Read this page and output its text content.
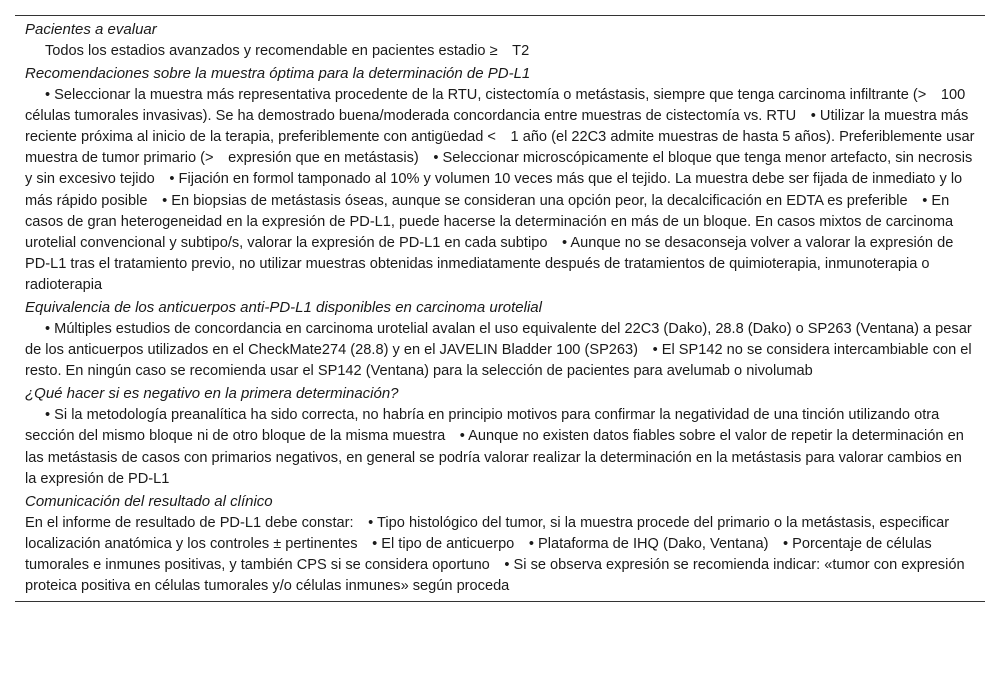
Pacientes a evaluar
Todos los estadios avanzados y recomendable en pacientes estadio ≥ T2
Recomendaciones sobre la muestra óptima para la determinación de PD-L1
• Seleccionar la muestra más representativa procedente de la RTU, cistectomía o metástasis, siempre que tenga carcinoma infiltrante (> 100 células tumorales invasivas). Se ha demostrado buena/moderada concordancia entre muestras de cistectomía vs. RTU • Utilizar la muestra más reciente próxima al inicio de la terapia, preferiblemente con antigüedad < 1 año (el 22C3 admite muestras de hasta 5 años). Preferiblemente usar muestra de tumor primario (> expresión que en metástasis) • Seleccionar microscópicamente el bloque que tenga menor artefacto, sin necrosis y sin excesivo tejido • Fijación en formol tamponado al 10% y volumen 10 veces más que el tejido. La muestra debe ser fijada de inmediato y lo más rápido posible • En biopsias de metástasis óseas, aunque se consideran una opción peor, la decalcificación en EDTA es preferible • En casos de gran heterogeneidad en la expresión de PD-L1, puede hacerse la determinación en más de un bloque. En casos mixtos de carcinoma urotelial convencional y subtipo/s, valorar la expresión de PD-L1 en cada subtipo • Aunque no se desaconseja volver a valorar la expresión de PD-L1 tras el tratamiento previo, no utilizar muestras obtenidas inmediatamente después de tratamientos de quimioterapia, inmunoterapia o radioterapia
Equivalencia de los anticuerpos anti-PD-L1 disponibles en carcinoma urotelial
• Múltiples estudios de concordancia en carcinoma urotelial avalan el uso equivalente del 22C3 (Dako), 28.8 (Dako) o SP263 (Ventana) a pesar de los anticuerpos utilizados en el CheckMate274 (28.8) y en el JAVELIN Bladder 100 (SP263) • El SP142 no se considera intercambiable con el resto. En ningún caso se recomienda usar el SP142 (Ventana) para la selección de pacientes para avelumab o nivolumab
¿Qué hacer si es negativo en la primera determinación?
• Si la metodología preanalítica ha sido correcta, no habría en principio motivos para confirmar la negatividad de una tinción utilizando otra sección del mismo bloque ni de otro bloque de la misma muestra • Aunque no existen datos fiables sobre el valor de repetir la determinación en las metástasis de casos con primarios negativos, en general se podría valorar realizar la determinación en la metástasis para valorar cambios en la expresión de PD-L1
Comunicación del resultado al clínico
En el informe de resultado de PD-L1 debe constar: • Tipo histológico del tumor, si la muestra procede del primario o la metástasis, especificar localización anatómica y los controles ± pertinentes • El tipo de anticuerpo • Plataforma de IHQ (Dako, Ventana) • Porcentaje de células tumorales e inmunes positivas, y también CPS si se considera oportuno • Si se observa expresión se recomienda indicar: «tumor con expresión proteica positiva en células tumorales y/o células inmunes» según proceda
